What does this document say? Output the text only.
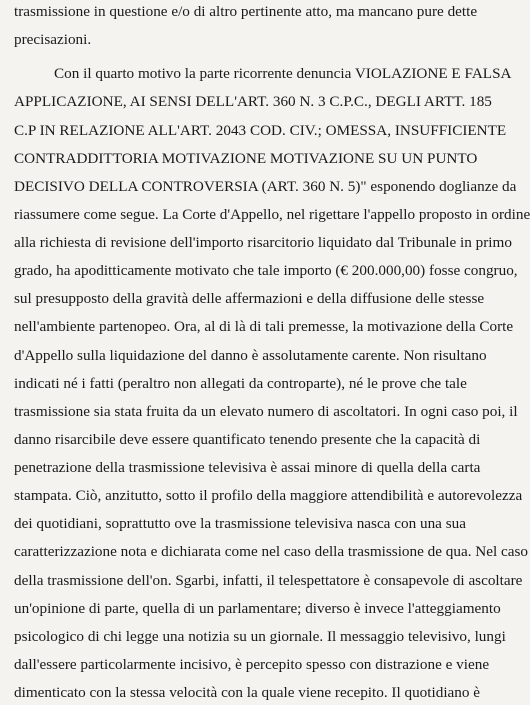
trasmissione in questione e/o di altro pertinente atto, ma mancano pure dette
precisazioni.
Con il quarto motivo la parte ricorrente denuncia VIOLAZIONE E FALSA
APPLICAZIONE, AI SENSI DELL'ART. 360 N. 3 C.P.C., DEGLI ARTT. 185
C.P IN RELAZIONE ALL'ART. 2043 COD. CIV.; OMESSA, INSUFFICIENTE
CONTRADDITTORIA MOTIVAZIONE MOTIVAZIONE SU UN PUNTO
DECISIVO DELLA CONTROVERSIA (ART. 360 N. 5)" esponendo doglianze da
riassumere come segue. La Corte d'Appello, nel rigettare l'appello proposto in ordine
alla richiesta di revisione dell'importo risarcitorio liquidato dal Tribunale in primo
grado, ha apoditticamente motivato che tale importo (€ 200.000,00) fosse congruo,
sul presupposto della gravità delle affermazioni e della diffusione delle stesse
nell'ambiente partenopeo. Ora, al di là di tali premesse, la motivazione della Corte
d'Appello sulla liquidazione del danno è assolutamente carente. Non risultano
indicati né i fatti (peraltro non allegati da controparte), né le prove che tale
trasmissione sia stata fruita da un elevato numero di ascoltatori. In ogni caso poi, il
danno risarcibile deve essere quantificato tenendo presente che la capacità di
penetrazione della trasmissione televisiva è assai minore di quella della carta
stampata. Ciò, anzitutto, sotto il profilo della maggiore attendibilità e autorevolezza
dei quotidiani, soprattutto ove la trasmissione televisiva nasca con una sua
caratterizzazione nota e dichiarata come nel caso della trasmissione de qua. Nel caso
della trasmissione dell'on. Sgarbi, infatti, il telespettatore è consapevole di ascoltare
un'opinione di parte, quella di un parlamentare; diverso è invece l'atteggiamento
psicologico di chi legge una notizia su un giornale. Il messaggio televisivo, lungi
dall'essere particolarmente incisivo, è percepito spesso con distrazione e viene
dimenticato con la stessa velocità con la quale viene recepito. Il quotidiano è
